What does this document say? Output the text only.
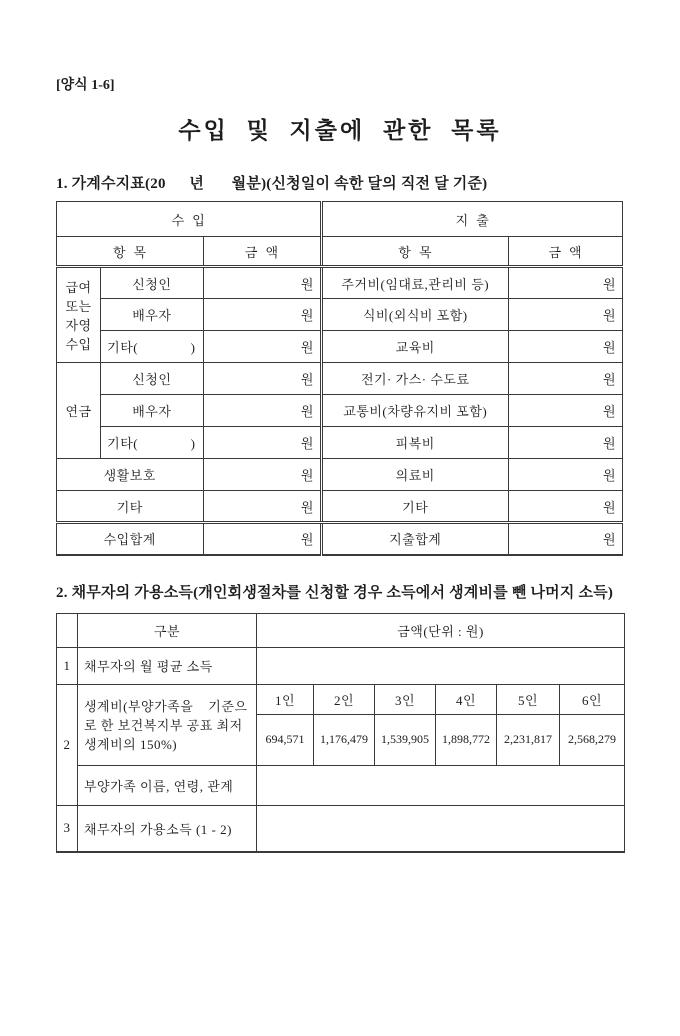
[양식 1-6]
수입 및 지출에 관한 목록
1. 가계수지표(20      년       월분)(신청일이 속한 달의 직전 달 기준)
수  입			지  출	
항  목		금  액	항  목	금  액
급여 또는 자영 수입	신청인	원	주거비(임대료,관리비 등)	원
	배우자	원	식비(외식비 포함)	원
	기타(              )	원	교육비	원
연금	신청인	원	전기· 가스· 수도료	원
	배우자	원	교통비(차량유지비 포함)	원
	기타(              )	원	피복비	원
생활보호		원	의료비	원
기타		원	기타	원
수입합계		원	지출합계	원
2. 채무자의 가용소득(개인회생절차를 신청할 경우 소득에서 생계비를 뺀 나머지 소득)
	구분	금액(단위 : 원)					
1	채무자의 월 평균 소득						
2	생계비(부양가족을    기준으로 한 보건복지부 공표 최저생계비의 150%)	1인	2인	3인	4인	5인	6인
		694,571	1,176,479	1,539,905	1,898,772	2,231,817	2,568,279
	부양가족 이름, 연령, 관계						
3	채무자의 가용소득 (1 - 2)						
